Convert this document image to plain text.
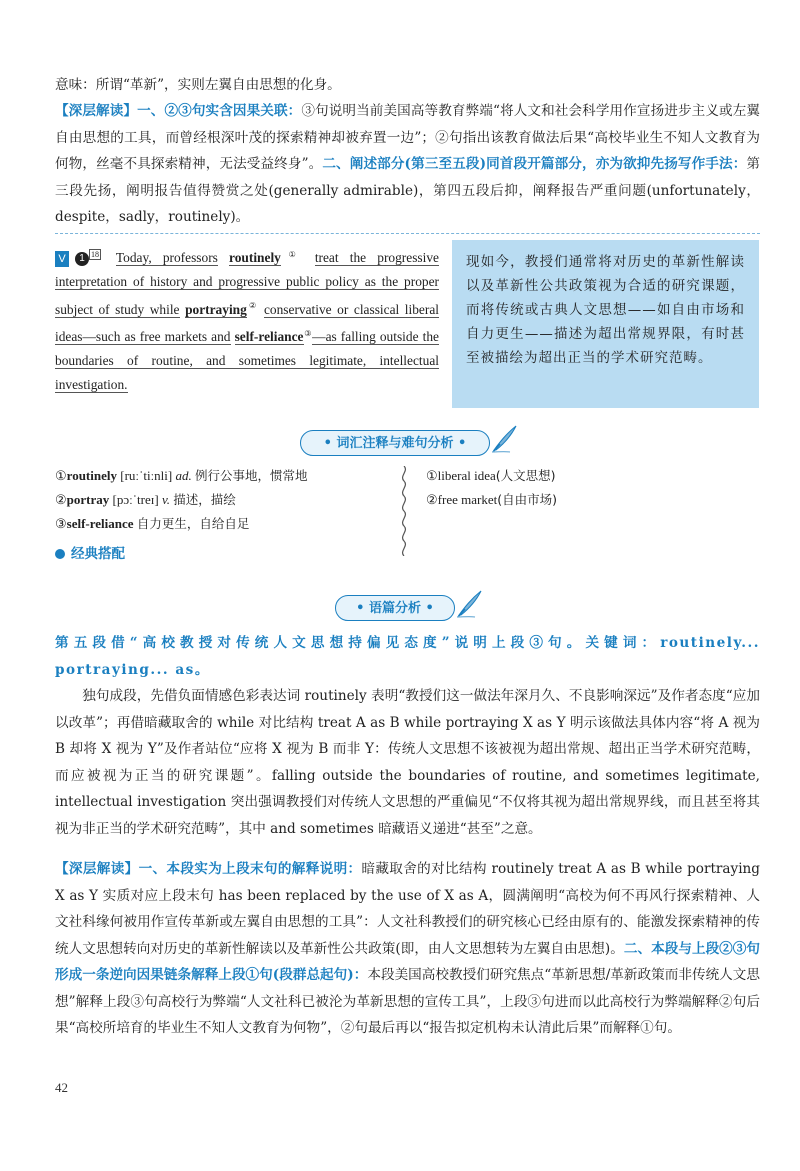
意味：所谓“革新”，实则左翼自由思想的化身。

【深层解读】一、②③句实含因果关联：③句说明当前美国高等教育弊端“将人文和社会科学用作宣扬进步主义或左翼自由思想的工具，而曾经根深叶茂的探索精神却被弃置一边”；②句指出该教育做法后果“高校毕业生不知人文教育为何物，丝毫不具探索精神，无法受益终身”。二、阐述部分(第三至五段)同首段开篇部分，亦为欲抑先扬写作手法：第三段先扬，阐明报告值得赞赏之处(generally admirable)，第四五段后抑，阐释报告严重问题(unfortunately，despite，sadly，routinely)。

V 1 $^{18}$ Today, professors routinely① treat the progressive interpretation of history and progressive public policy as the proper subject of study while portraying② conservative or classical liberal ideas—such as free markets and self-reliance③—as falling outside the boundaries of routine, and sometimes legitimate, intellectual investigation.

现如今，教授们通常将对历史的革新性解读以及革新性公共政策视为合适的研究课题，而将传统或古典人文思想——如自由市场和自力更生——描述为超出常规界限，有时甚至被描绘为超出正当的学术研究范畴。
• 词汇注释与难句分析 •
①routinely [ruːˈtiːnli] ad. 例行公事地，惯常地
②portray [pɔːˈtreɪ] v. 描述，描绘
③self-reliance 自力更生，自给自足
①liberal idea(人文思想)
②free market(自由市场)
经典搭配
• 语篇分析 •

第五段借“高校教授对传统人文思想持偏见态度”说明上段③句。关键词：routinely... portraying... as。

独句成段，先借负面情感色彩表达词 routinely 表明“教授们这一做法年深月久、不良影响深远”及作者态度“应加以改革”；再借暗藏取舍的 while 对比结构 treat A as B while portraying X as Y 明示该做法具体内容“将 A 视为 B 却将 X 视为 Y”及作者站位“应将 X 视为 B 而非 Y：传统人文思想不该被视为超出常规、超出正当学术研究范畴，而应被视为正当的研究课题”。falling outside the boundaries of routine, and sometimes legitimate, intellectual investigation 突出强调教授们对传统人文思想的严重偏见“不仅将其视为超出常规界线，而且甚至将其视为非正当的学术研究范畴”，其中 and sometimes 暗藏语义递进“甚至”之意。

【深层解读】一、本段实为上段末句的解释说明：暗藏取舍的对比结构 routinely treat A as B while portraying X as Y 实质对应上段末句 has been replaced by the use of X as A，圆满阐明“高校为何不再风行探索精神、人文社科缘何被用作宣传革新或左翼自由思想的工具”：人文社科教授们的研究核心已经由原有的、能激发探索精神的传统人文思想转向对历史的革新性解读以及革新性公共政策(即，由人文思想转为左翼自由思想)。二、本段与上段②③句形成一条逆向因果链条解释上段①句(段群总起句)：本段美国高校教授们研究焦点“革新思想/革新政策而非传统人文思想”解释上段③句高校行为弊端“人文社科已被沦为革新思想的宣传工具”，上段③句进而以此高校行为弊端解释②句后果“高校所培育的毕业生不知人文教育为何物”，②句最后再以“报告拟定机构未认清此后果”而解释①句。

42
